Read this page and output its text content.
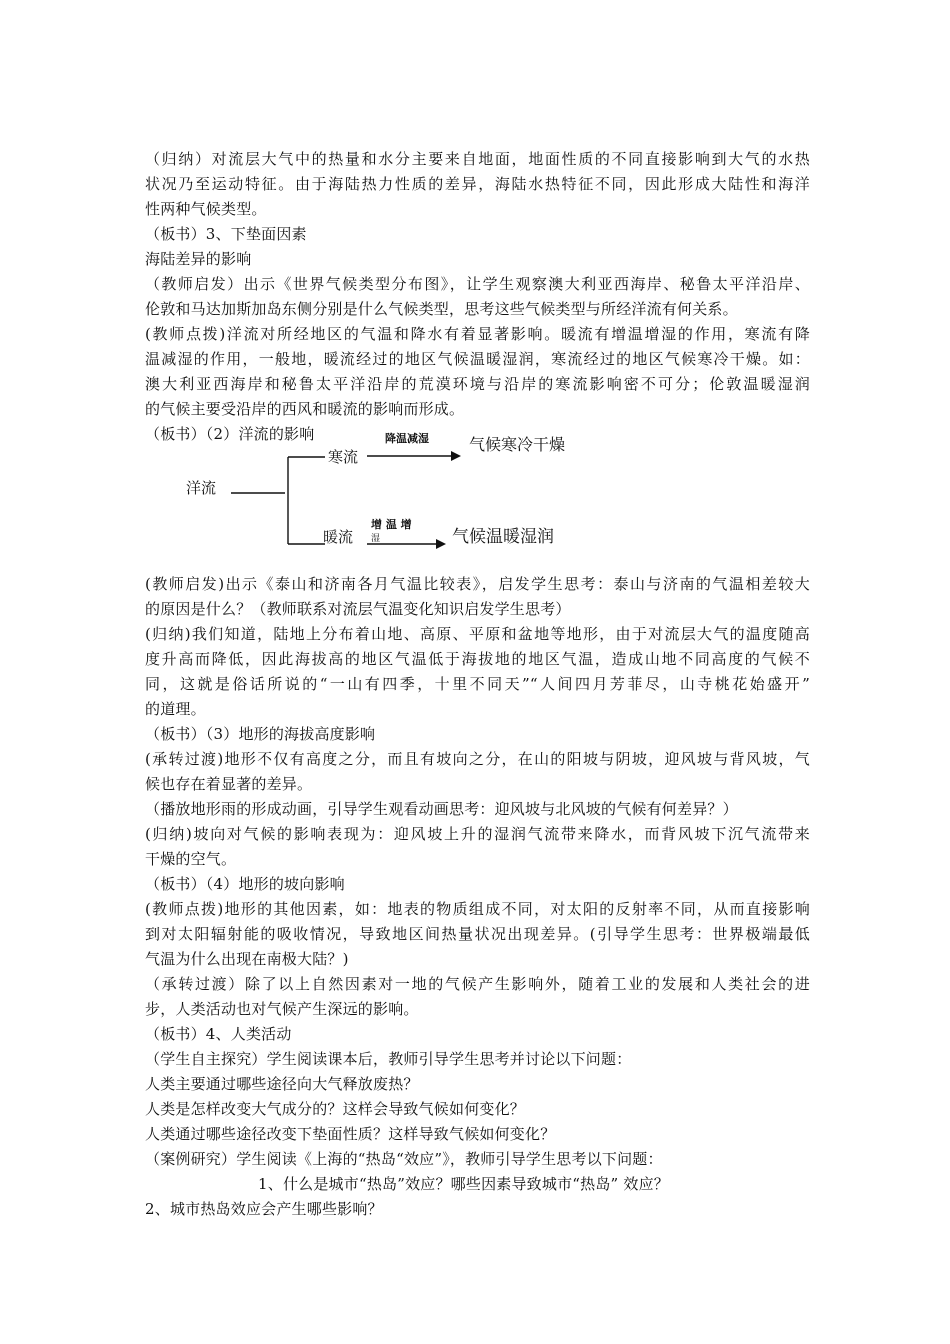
（归纳）对流层大气中的热量和水分主要来自地面，地面性质的不同直接影响到大气的水热
状况乃至运动特征。由于海陆热力性质的差异，海陆水热特征不同，因此形成大陆性和海洋
性两种气候类型。
（板书）3、下垫面因素
海陆差异的影响
（教师启发）出示《世界气候类型分布图》，让学生观察澳大利亚西海岸、秘鲁太平洋沿岸、
伦敦和马达加斯加岛东侧分别是什么气候类型，思考这些气候类型与所经洋流有何关系。
(教师点拨)洋流对所经地区的气温和降水有着显著影响。暖流有增温增湿的作用，寒流有降
温减湿的作用，一般地，暖流经过的地区气候温暖湿润，寒流经过的地区气候寒冷干燥。如：
澳大利亚西海岸和秘鲁太平洋沿岸的荒漠环境与沿岸的寒流影响密不可分；伦敦温暖湿润
的气候主要受沿岸的西风和暖流的影响而形成。
（板书）（2）洋流的影响
洋流
寒流
降温减湿	气候寒冷干燥
暖流
增 温 增
湿	气候温暖湿润
(教师启发)出示《泰山和济南各月气温比较表》，启发学生思考：泰山与济南的气温相差较大
的原因是什么？（教师联系对流层气温变化知识启发学生思考）
(归纳)我们知道，陆地上分布着山地、高原、平原和盆地等地形，由于对流层大气的温度随高
度升高而降低，因此海拔高的地区气温低于海拔地的地区气温，造成山地不同高度的气候不
同，这就是俗话所说的“一山有四季，十里不同天”“人间四月芳菲尽，山寺桃花始盛开”
的道理。
（板书）（3）地形的海拔高度影响
(承转过渡)地形不仅有高度之分，而且有坡向之分，在山的阳坡与阴坡，迎风坡与背风坡，气
候也存在着显著的差异。
（播放地形雨的形成动画，引导学生观看动画思考：迎风坡与北风坡的气候有何差异？）
(归纳)坡向对气候的影响表现为：迎风坡上升的湿润气流带来降水，而背风坡下沉气流带来
干燥的空气。
（板书）（4）地形的坡向影响
(教师点拨)地形的其他因素，如：地表的物质组成不同，对太阳的反射率不同，从而直接影响
到对太阳辐射能的吸收情况，导致地区间热量状况出现差异。(引导学生思考：世界极端最低
气温为什么出现在南极大陆？)
（承转过渡）除了以上自然因素对一地的气候产生影响外，随着工业的发展和人类社会的进
步，人类活动也对气候产生深远的影响。
（板书）4、人类活动
（学生自主探究）学生阅读课本后，教师引导学生思考并讨论以下问题：
人类主要通过哪些途径向大气释放废热？
人类是怎样改变大气成分的？这样会导致气候如何变化？
人类通过哪些途径改变下垫面性质？这样导致气候如何变化？
（案例研究）学生阅读《上海的“热岛“效应”》，教师引导学生思考以下问题：
1、什么是城市“热岛”效应？哪些因素导致城市“热岛” 效应？
2、城市热岛效应会产生哪些影响？
